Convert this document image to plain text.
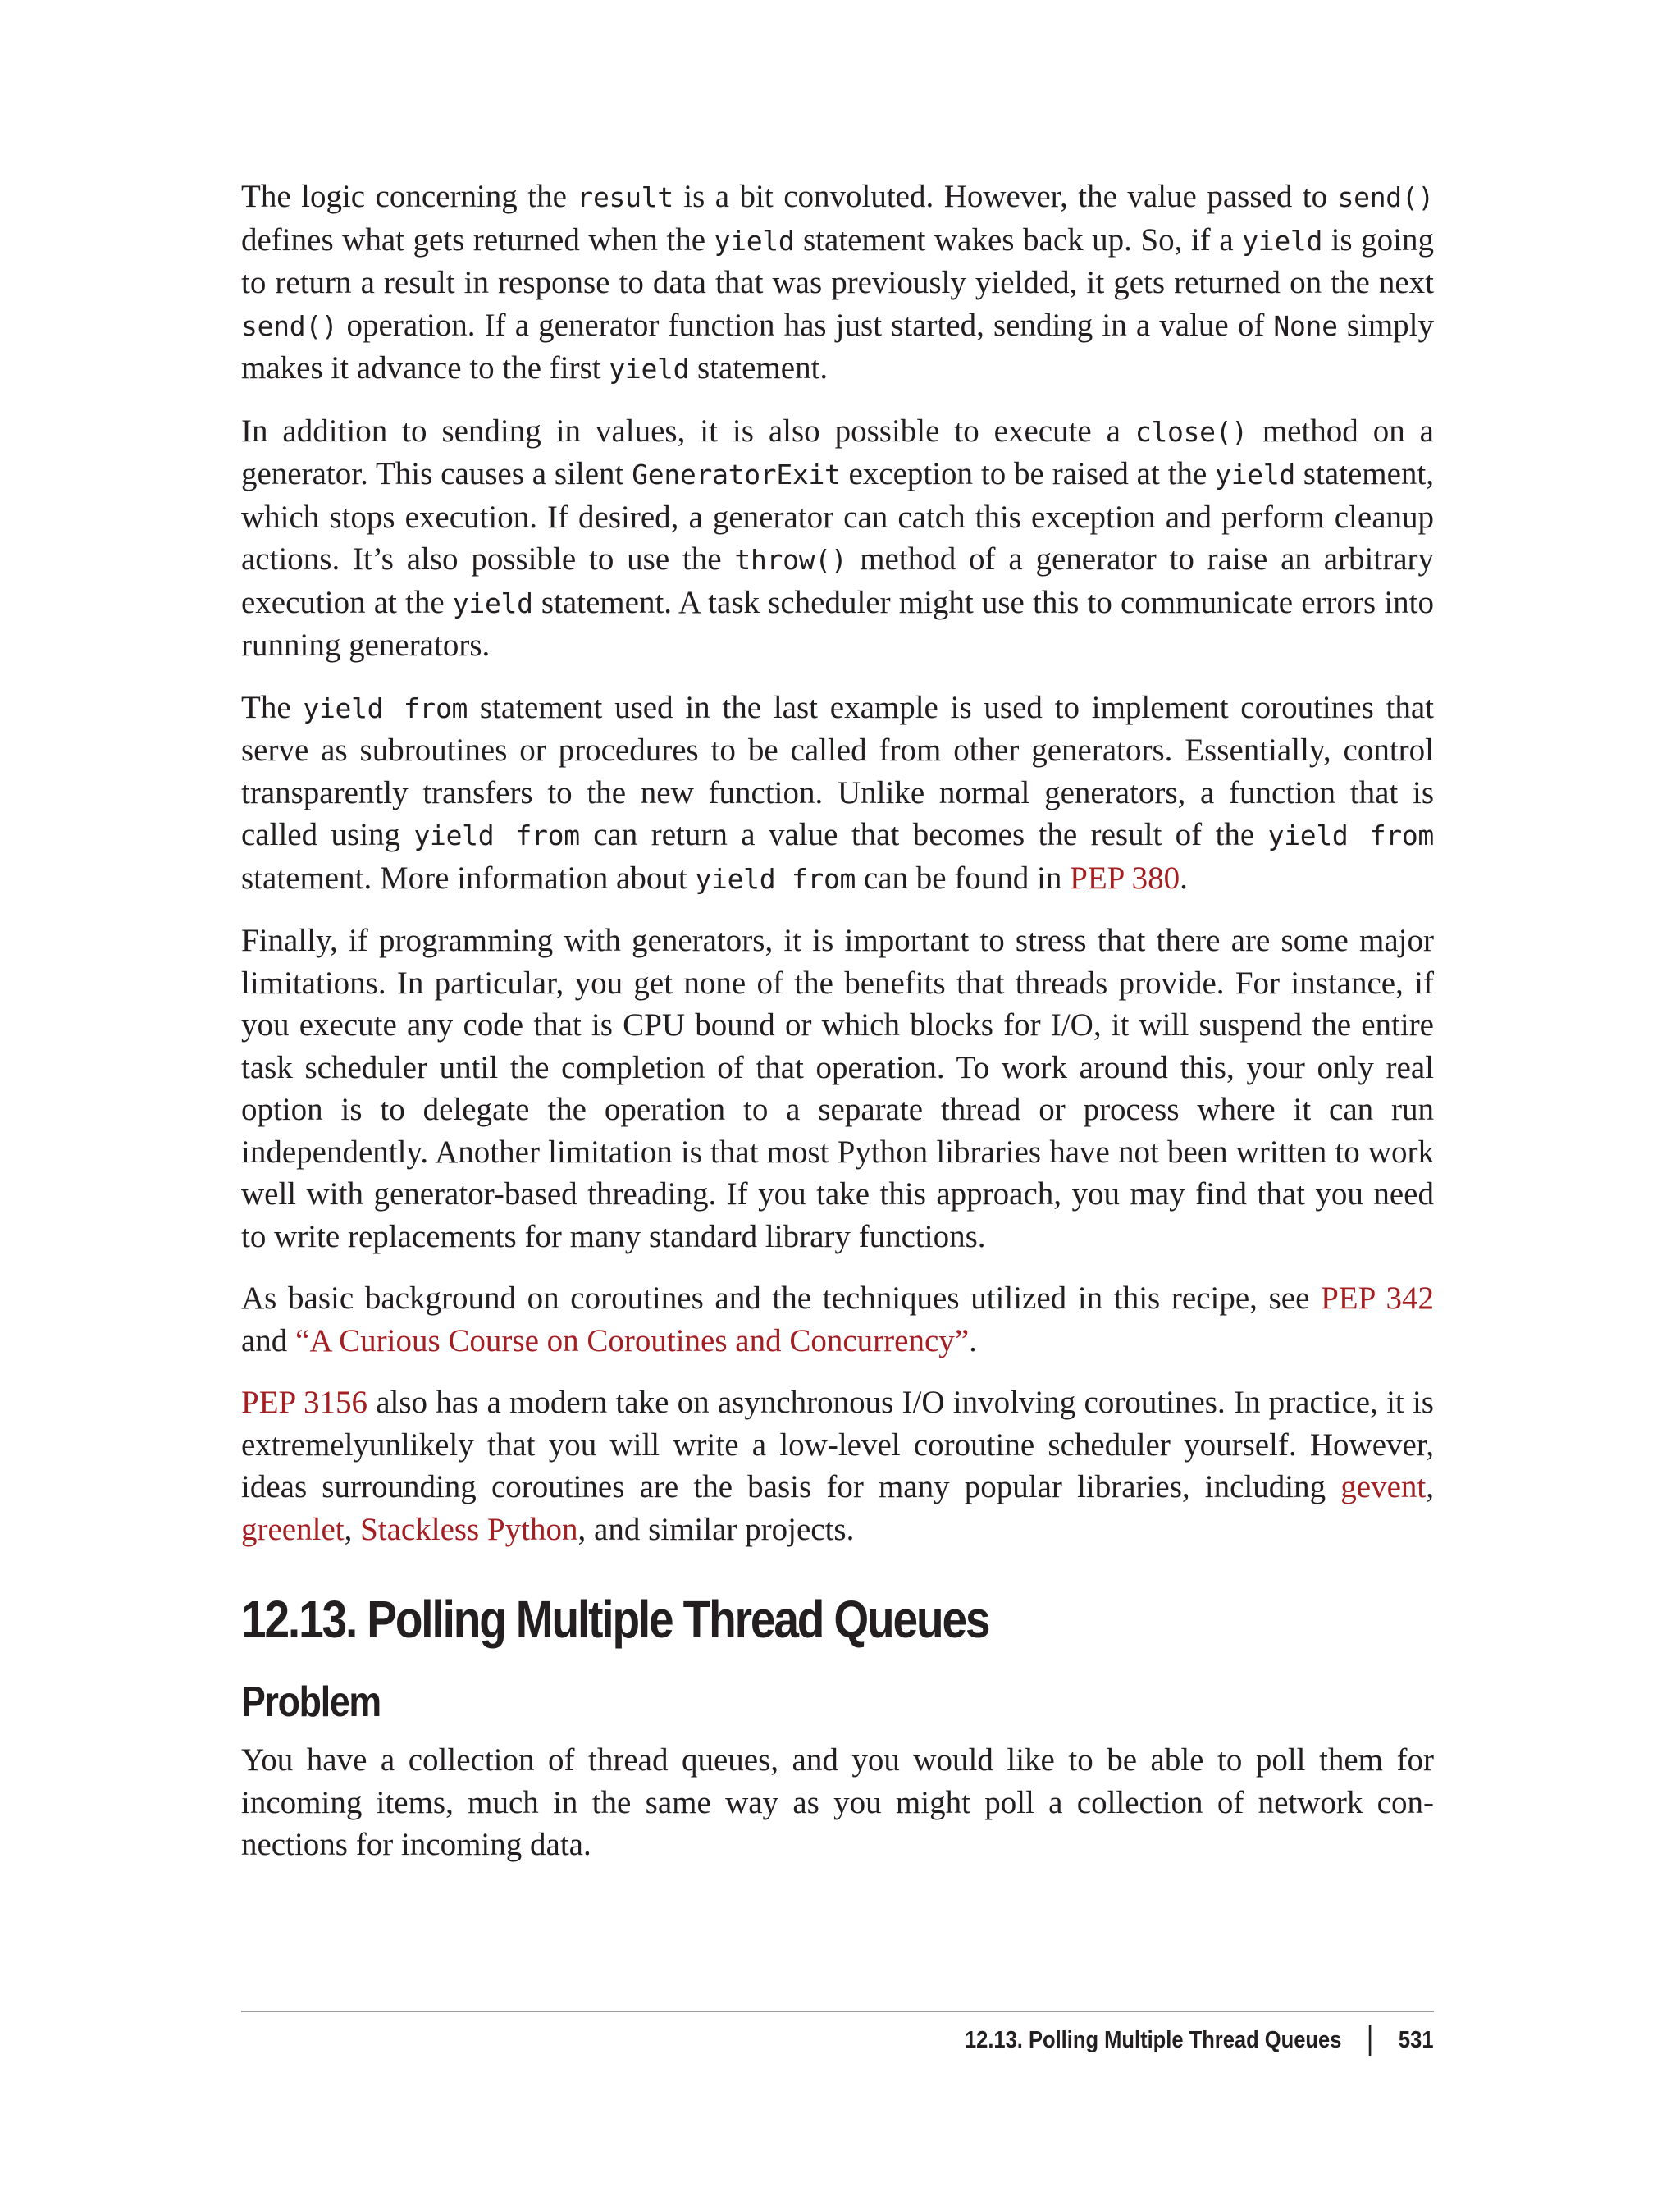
The logic concerning the result is a bit convoluted. However, the value passed to send() defines what gets returned when the yield statement wakes back up. So, if a yield is going to return a result in response to data that was previously yielded, it gets returned on the next send() operation. If a generator function has just started, sending in a value of None simply makes it advance to the first yield statement.

In addition to sending in values, it is also possible to execute a close() method on a generator. This causes a silent GeneratorExit exception to be raised at the yield statement, which stops execution. If desired, a generator can catch this exception and perform cleanup actions. It’s also possible to use the throw() method of a generator to raise an arbitrary execution at the yield statement. A task scheduler might use this to communicate errors into running generators.

The yield from statement used in the last example is used to implement coroutines that serve as subroutines or procedures to be called from other generators. Essentially, control transparently transfers to the new function. Unlike normal generators, a function that is called using yield from can return a value that becomes the result of the yield from statement. More information about yield from can be found in PEP 380.

Finally, if programming with generators, it is important to stress that there are some major limitations. In particular, you get none of the benefits that threads provide. For instance, if you execute any code that is CPU bound or which blocks for I/O, it will suspend the entire task scheduler until the completion of that operation. To work around this, your only real option is to delegate the operation to a separate thread or process where it can run independently. Another limitation is that most Python libraries have not been written to work well with generator-based threading. If you take this approach, you may find that you need to write replacements for many standard library functions.

As basic background on coroutines and the techniques utilized in this recipe, see PEP 342 and “A Curious Course on Coroutines and Concurrency”.

PEP 3156 also has a modern take on asynchronous I/O involving coroutines. In practice, it is extremelyunlikely that you will write a low-level coroutine scheduler yourself. However, ideas surrounding coroutines are the basis for many popular libraries, including gevent, greenlet, Stackless Python, and similar projects.

12.13. Polling Multiple Thread Queues
Problem

You have a collection of thread queues, and you would like to be able to poll them for incoming items, much in the same way as you might poll a collection of network connections for incoming data.

12.13. Polling Multiple Thread Queues 531
